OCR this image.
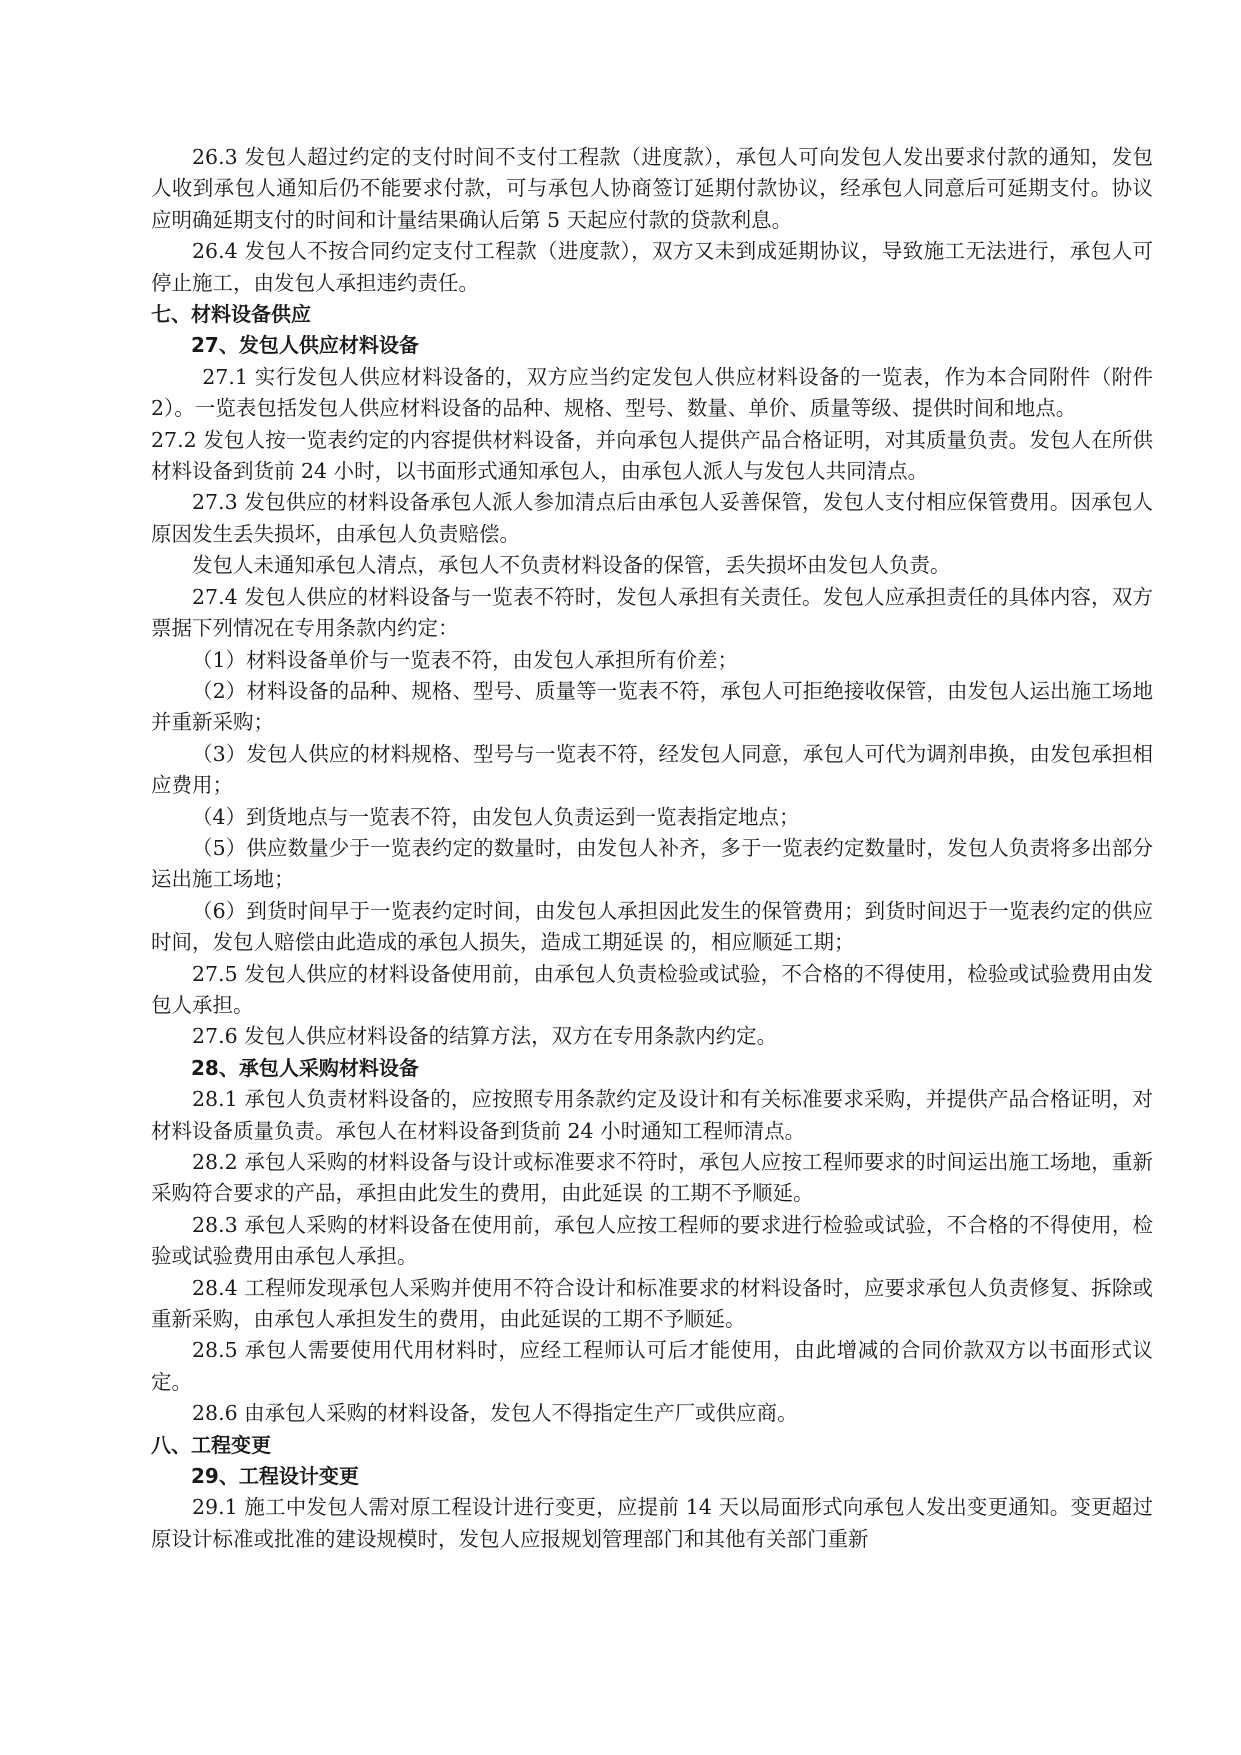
26.3 发包人超过约定的支付时间不支付工程款（进度款），承包人可向发包人发出要求付款的通知，发包人收到承包人通知后仍不能要求付款，可与承包人协商签订延期付款协议，经承包人同意后可延期支付。协议应明确延期支付的时间和计量结果确认后第 5 天起应付款的贷款利息。

26.4 发包人不按合同约定支付工程款（进度款），双方又未到成延期协议，导致施工无法进行，承包人可停止施工，由发包人承担违约责任。

七、材料设备供应

27、发包人供应材料设备

27.1 实行发包人供应材料设备的，双方应当约定发包人供应材料设备的一览表，作为本合同附件（附件 2）。一览表包括发包人供应材料设备的品种、规格、型号、数量、单价、质量等级、提供时间和地点。

27.2 发包人按一览表约定的内容提供材料设备，并向承包人提供产品合格证明，对其质量负责。发包人在所供材料设备到货前 24 小时，以书面形式通知承包人，由承包人派人与发包人共同清点。

27.3 发包供应的材料设备承包人派人参加清点后由承包人妥善保管，发包人支付相应保管费用。因承包人原因发生丢失损坏，由承包人负责赔偿。

发包人未通知承包人清点，承包人不负责材料设备的保管，丢失损坏由发包人负责。

27.4 发包人供应的材料设备与一览表不符时，发包人承担有关责任。发包人应承担责任的具体内容，双方票据下列情况在专用条款内约定：

（1）材料设备单价与一览表不符，由发包人承担所有价差；

（2）材料设备的品种、规格、型号、质量等一览表不符，承包人可拒绝接收保管，由发包人运出施工场地并重新采购；

（3）发包人供应的材料规格、型号与一览表不符，经发包人同意，承包人可代为调剂串换，由发包承担相应费用；

（4）到货地点与一览表不符，由发包人负责运到一览表指定地点；

（5）供应数量少于一览表约定的数量时，由发包人补齐，多于一览表约定数量时，发包人负责将多出部分运出施工场地；

（6）到货时间早于一览表约定时间，由发包人承担因此发生的保管费用；到货时间迟于一览表约定的供应时间，发包人赔偿由此造成的承包人损失，造成工期延误 的，相应顺延工期；

27.5 发包人供应的材料设备使用前，由承包人负责检验或试验，不合格的不得使用，检验或试验费用由发包人承担。

27.6 发包人供应材料设备的结算方法，双方在专用条款内约定。

28、承包人采购材料设备

28.1 承包人负责材料设备的，应按照专用条款约定及设计和有关标准要求采购，并提供产品合格证明，对材料设备质量负责。承包人在材料设备到货前 24 小时通知工程师清点。

28.2 承包人采购的材料设备与设计或标准要求不符时，承包人应按工程师要求的时间运出施工场地，重新采购符合要求的产品，承担由此发生的费用，由此延误 的工期不予顺延。

28.3 承包人采购的材料设备在使用前，承包人应按工程师的要求进行检验或试验，不合格的不得使用，检验或试验费用由承包人承担。

28.4 工程师发现承包人采购并使用不符合设计和标准要求的材料设备时，应要求承包人负责修复、拆除或重新采购，由承包人承担发生的费用，由此延误的工期不予顺延。

28.5 承包人需要使用代用材料时，应经工程师认可后才能使用，由此增减的合同价款双方以书面形式议定。

28.6 由承包人采购的材料设备，发包人不得指定生产厂或供应商。

八、工程变更

29、工程设计变更

29.1 施工中发包人需对原工程设计进行变更，应提前 14 天以局面形式向承包人发出变更通知。变更超过原设计标准或批准的建设规模时，发包人应报规划管理部门和其他有关部门重新
